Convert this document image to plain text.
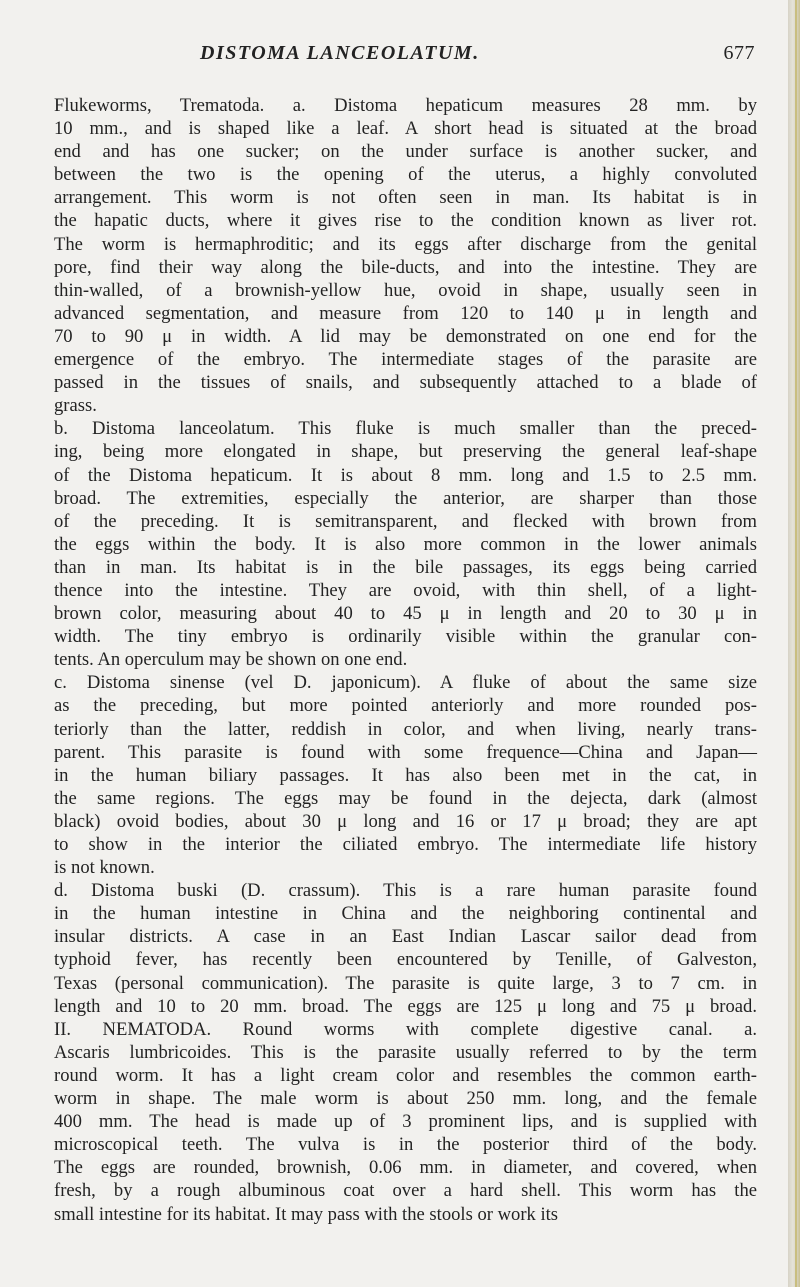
DISTOMA LANCEOLATUM.	677
Flukeworms, Trematoda. a. Distoma hepaticum measures 28 mm. by
10 mm., and is shaped like a leaf. A short head is situated at the broad
end and has one sucker; on the under surface is another sucker, and
between the two is the opening of the uterus, a highly convoluted
arrangement. This worm is not often seen in man. Its habitat is in
the hapatic ducts, where it gives rise to the condition known as liver rot.
The worm is hermaphroditic; and its eggs after discharge from the genital
pore, find their way along the bile-ducts, and into the intestine. They are
thin-walled, of a brownish-yellow hue, ovoid in shape, usually seen in
advanced segmentation, and measure from 120 to 140 μ in length and
70 to 90 μ in width. A lid may be demonstrated on one end for the
emergence of the embryo. The intermediate stages of the parasite are
passed in the tissues of snails, and subsequently attached to a blade of
grass.
b. Distoma lanceolatum. This fluke is much smaller than the preced-
ing, being more elongated in shape, but preserving the general leaf-shape
of the Distoma hepaticum. It is about 8 mm. long and 1.5 to 2.5 mm.
broad. The extremities, especially the anterior, are sharper than those
of the preceding. It is semitransparent, and flecked with brown from
the eggs within the body. It is also more common in the lower animals
than in man. Its habitat is in the bile passages, its eggs being carried
thence into the intestine. They are ovoid, with thin shell, of a light-
brown color, measuring about 40 to 45 μ in length and 20 to 30 μ in
width. The tiny embryo is ordinarily visible within the granular con-
tents. An operculum may be shown on one end.
c. Distoma sinense (vel D. japonicum). A fluke of about the same size
as the preceding, but more pointed anteriorly and more rounded pos-
teriorly than the latter, reddish in color, and when living, nearly trans-
parent. This parasite is found with some frequence—China and Japan—
in the human biliary passages. It has also been met in the cat, in
the same regions. The eggs may be found in the dejecta, dark (almost
black) ovoid bodies, about 30 μ long and 16 or 17 μ broad; they are apt
to show in the interior the ciliated embryo. The intermediate life history
is not known.
d. Distoma buski (D. crassum). This is a rare human parasite found
in the human intestine in China and the neighboring continental and
insular districts. A case in an East Indian Lascar sailor dead from
typhoid fever, has recently been encountered by Tenille, of Galveston,
Texas (personal communication). The parasite is quite large, 3 to 7 cm. in
length and 10 to 20 mm. broad. The eggs are 125 μ long and 75 μ broad.
II. NEMATODA. Round worms with complete digestive canal. a.
Ascaris lumbricoides. This is the parasite usually referred to by the term
round worm. It has a light cream color and resembles the common earth-
worm in shape. The male worm is about 250 mm. long, and the female
400 mm. The head is made up of 3 prominent lips, and is supplied with
microscopical teeth. The vulva is in the posterior third of the body.
The eggs are rounded, brownish, 0.06 mm. in diameter, and covered, when
fresh, by a rough albuminous coat over a hard shell. This worm has the
small intestine for its habitat. It may pass with the stools or work its
